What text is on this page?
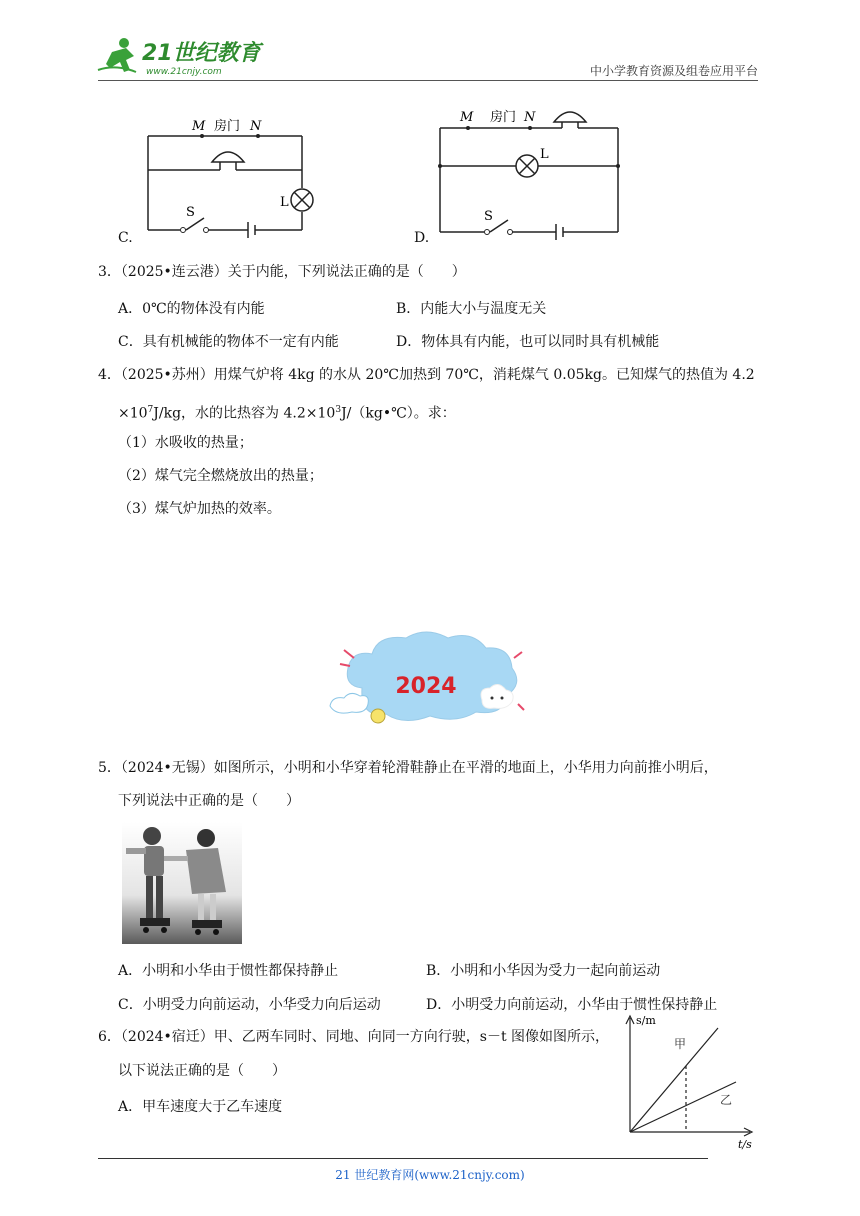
21世纪教育
www.21cnjy.com	中小学教育资源及组卷应用平台
C.
M 房门 N
L
S
D.
M 房门 N
L
S
3．（2025•连云港）关于内能，下列说法正确的是（　　）
A．0℃的物体没有内能	B．内能大小与温度无关
C．具有机械能的物体不一定有内能	D．物体具有内能，也可以同时具有机械能
4．（2025•苏州）用煤气炉将 4kg 的水从 20℃加热到 70℃，消耗煤气 0.05kg。已知煤气的热值为 4.2
$\times 10^7J/kg$，水的比热容为 $4.2\times 10^3J/(kg•℃)$。求：
（1）水吸收的热量；
（2）煤气完全燃烧放出的热量；
（3）煤气炉加热的效率。
2024
5．（2024•无锡）如图所示，小明和小华穿着轮滑鞋静止在平滑的地面上，小华用力向前推小明后，
下列说法中正确的是（　　）
A．小明和小华由于惯性都保持静止	B．小明和小华因为受力一起向前运动
C．小明受力向前运动，小华受力向后运动	D．小明受力向前运动，小华由于惯性保持静止
6．（2024•宿迁）甲、乙两车同时、同地、向同一方向行驶，s－t 图像如图所示，
以下说法正确的是（　　）
A．甲车速度大于乙车速度
s/m
t/s
甲
乙
21 世纪教育网(www.21cnjy.com)
